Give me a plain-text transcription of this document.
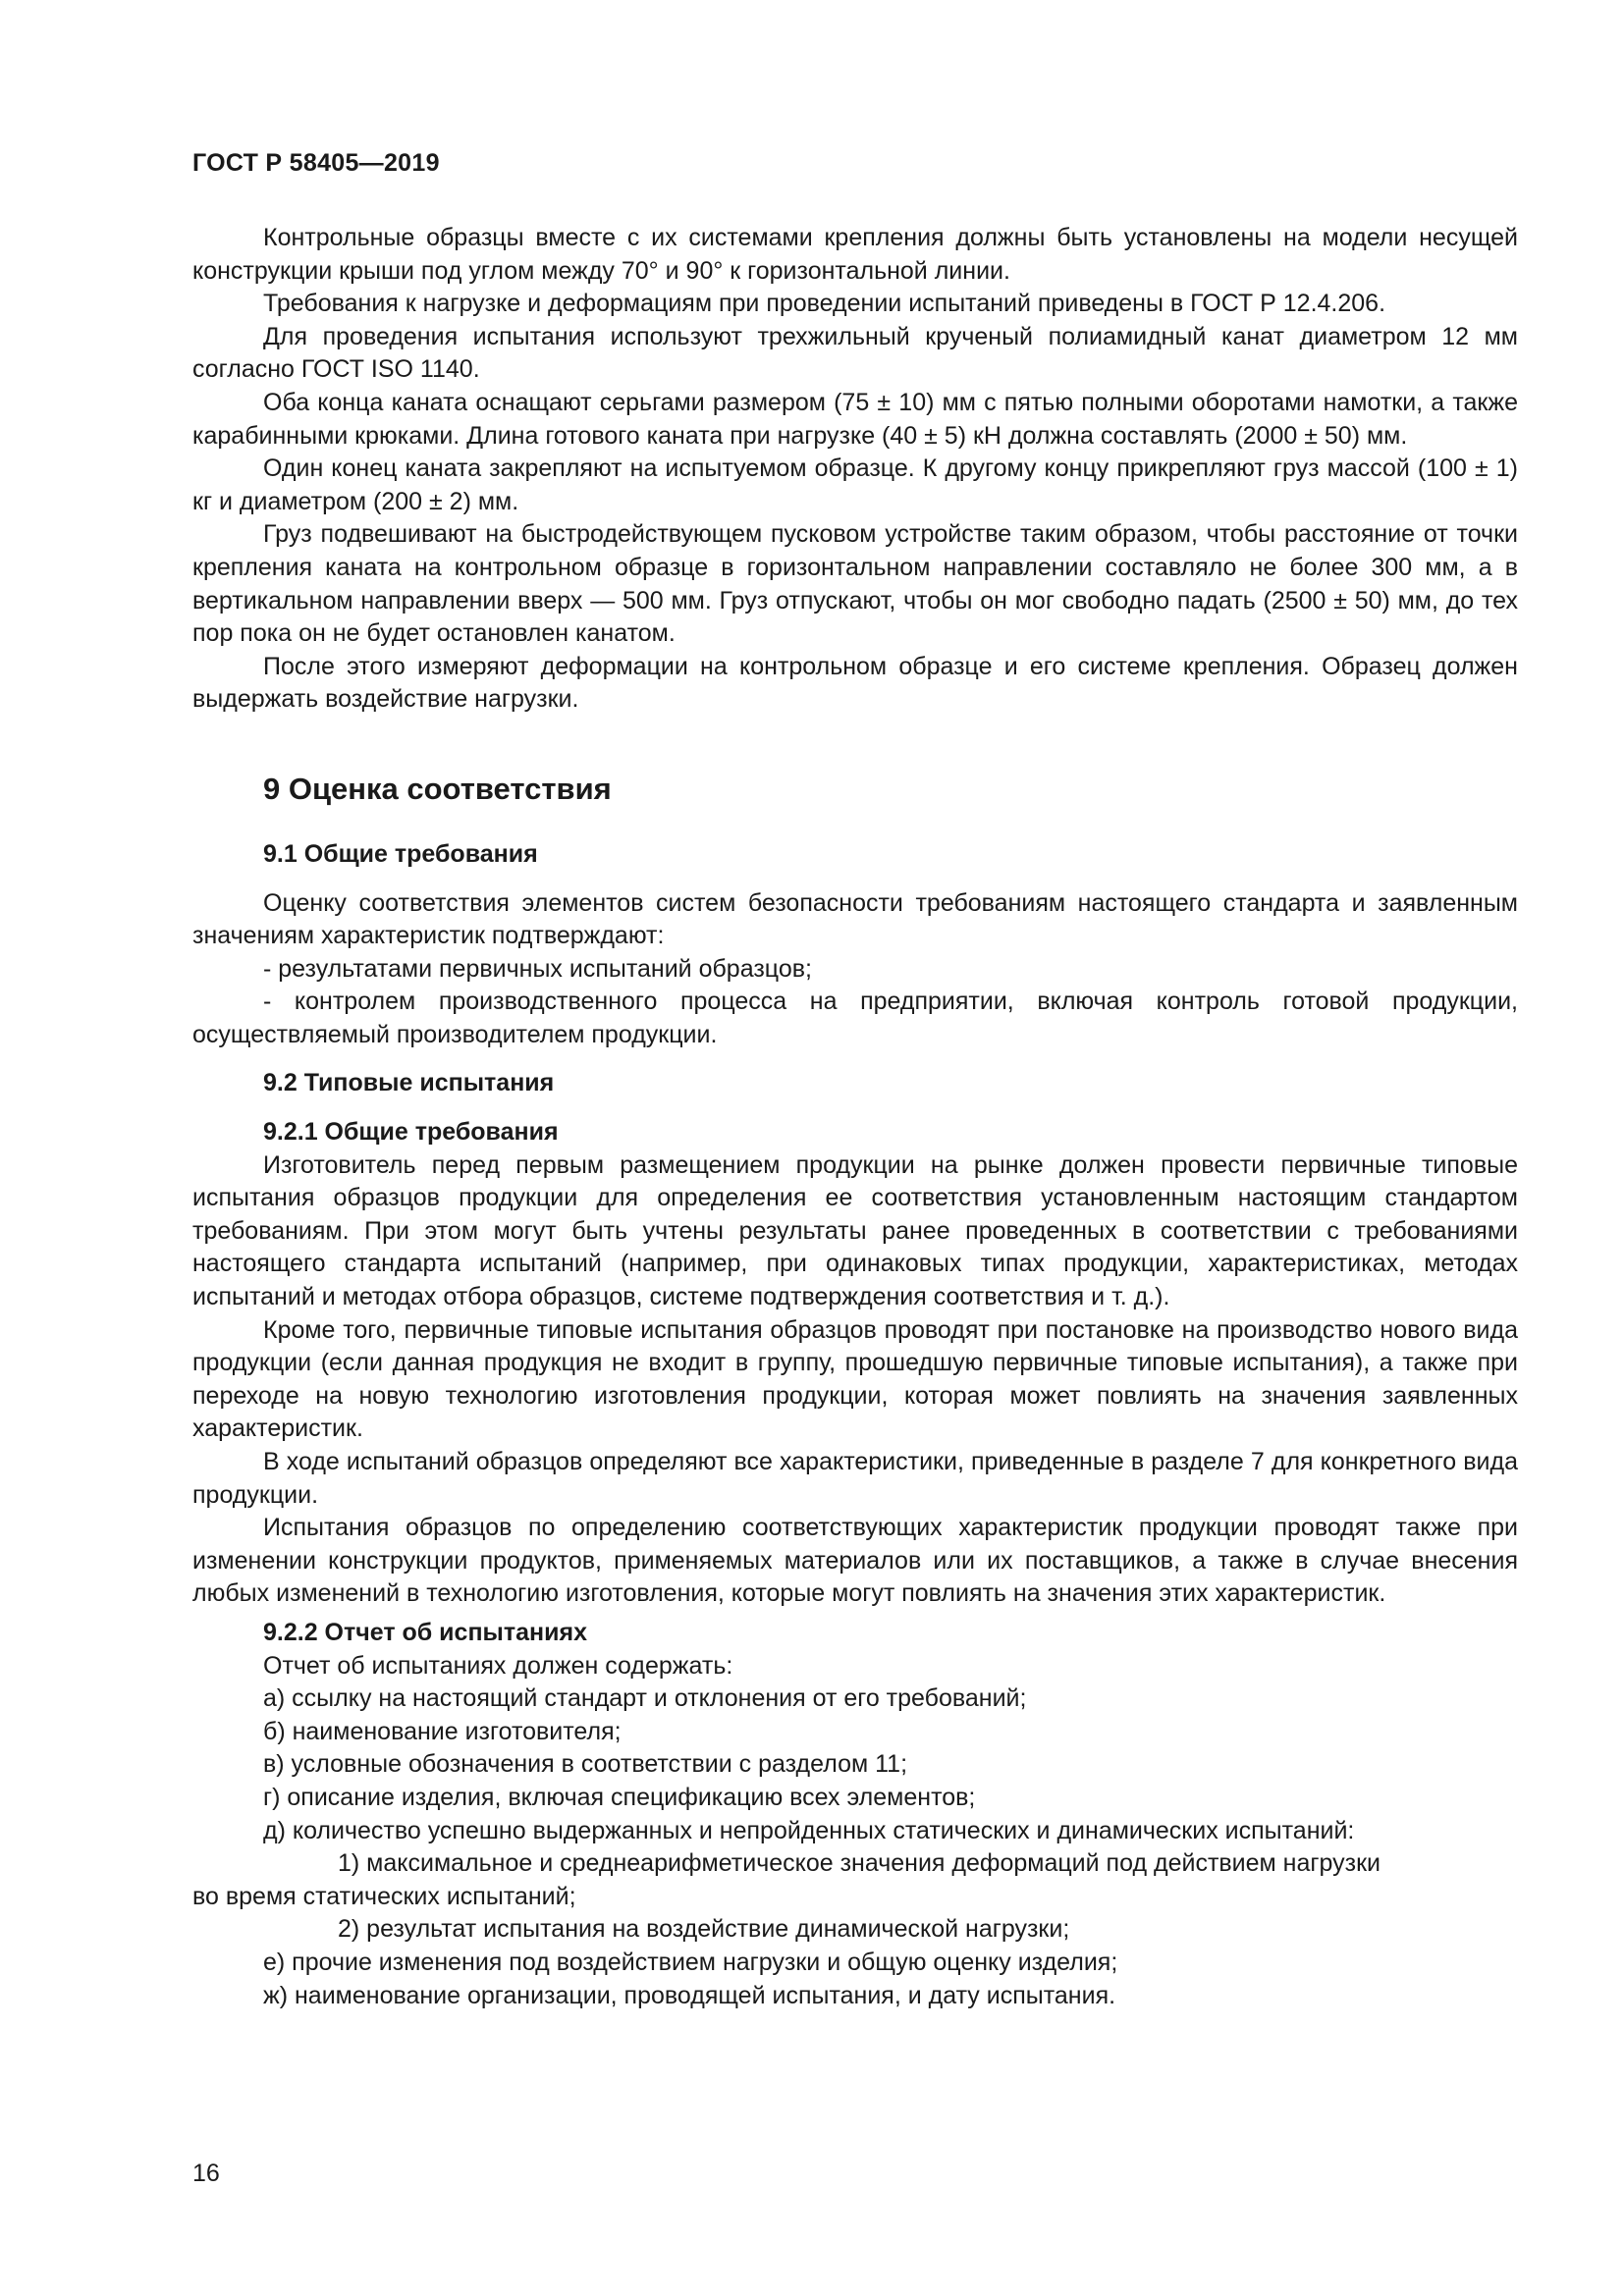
ГОСТ Р 58405—2019

Контрольные образцы вместе с их системами крепления должны быть установлены на модели несущей конструкции крыши под углом между 70° и 90° к горизонтальной линии.

Требования к нагрузке и деформациям при проведении испытаний приведены в ГОСТ Р 12.4.206.

Для проведения испытания используют трехжильный крученый полиамидный канат диаметром 12 мм согласно ГОСТ ISO 1140.

Оба конца каната оснащают серьгами размером (75 ± 10) мм с пятью полными оборотами намотки, а также карабинными крюками. Длина готового каната при нагрузке (40 ± 5) кН должна составлять (2000 ± 50) мм.

Один конец каната закрепляют на испытуемом образце. К другому концу прикрепляют груз массой (100 ± 1) кг и диаметром (200 ± 2) мм.

Груз подвешивают на быстродействующем пусковом устройстве таким образом, чтобы расстояние от точки крепления каната на контрольном образце в горизонтальном направлении составляло не более 300 мм, а в вертикальном направлении вверх — 500 мм. Груз отпускают, чтобы он мог свободно падать (2500 ± 50) мм, до тех пор пока он не будет остановлен канатом.

После этого измеряют деформации на контрольном образце и его системе крепления. Образец должен выдержать воздействие нагрузки.

9 Оценка соответствия

9.1 Общие требования

Оценку соответствия элементов систем безопасности требованиям настоящего стандарта и заявленным значениям характеристик подтверждают:

- результатами первичных испытаний образцов;

- контролем производственного процесса на предприятии, включая контроль готовой продукции, осуществляемый производителем продукции.

9.2 Типовые испытания

9.2.1 Общие требования

Изготовитель перед первым размещением продукции на рынке должен провести первичные типовые испытания образцов продукции для определения ее соответствия установленным настоящим стандартом требованиям. При этом могут быть учтены результаты ранее проведенных в соответствии с требованиями настоящего стандарта испытаний (например, при одинаковых типах продукции, характеристиках, методах испытаний и методах отбора образцов, системе подтверждения соответствия и т. д.).

Кроме того, первичные типовые испытания образцов проводят при постановке на производство нового вида продукции (если данная продукция не входит в группу, прошедшую первичные типовые испытания), а также при переходе на новую технологию изготовления продукции, которая может повлиять на значения заявленных характеристик.

В ходе испытаний образцов определяют все характеристики, приведенные в разделе 7 для конкретного вида продукции.

Испытания образцов по определению соответствующих характеристик продукции проводят также при изменении конструкции продуктов, применяемых материалов или их поставщиков, а также в случае внесения любых изменений в технологию изготовления, которые могут повлиять на значения этих характеристик.

9.2.2 Отчет об испытаниях

Отчет об испытаниях должен содержать:

а) ссылку на настоящий стандарт и отклонения от его требований;

б) наименование изготовителя;

в) условные обозначения в соответствии с разделом 11;

г) описание изделия, включая спецификацию всех элементов;

д) количество успешно выдержанных и непройденных статических и динамических испытаний:

1) максимальное и среднеарифметическое значения деформаций под действием нагрузки

во время статических испытаний;

2) результат испытания на воздействие динамической нагрузки;

е) прочие изменения под воздействием нагрузки и общую оценку изделия;

ж) наименование организации, проводящей испытания, и дату испытания.

16
